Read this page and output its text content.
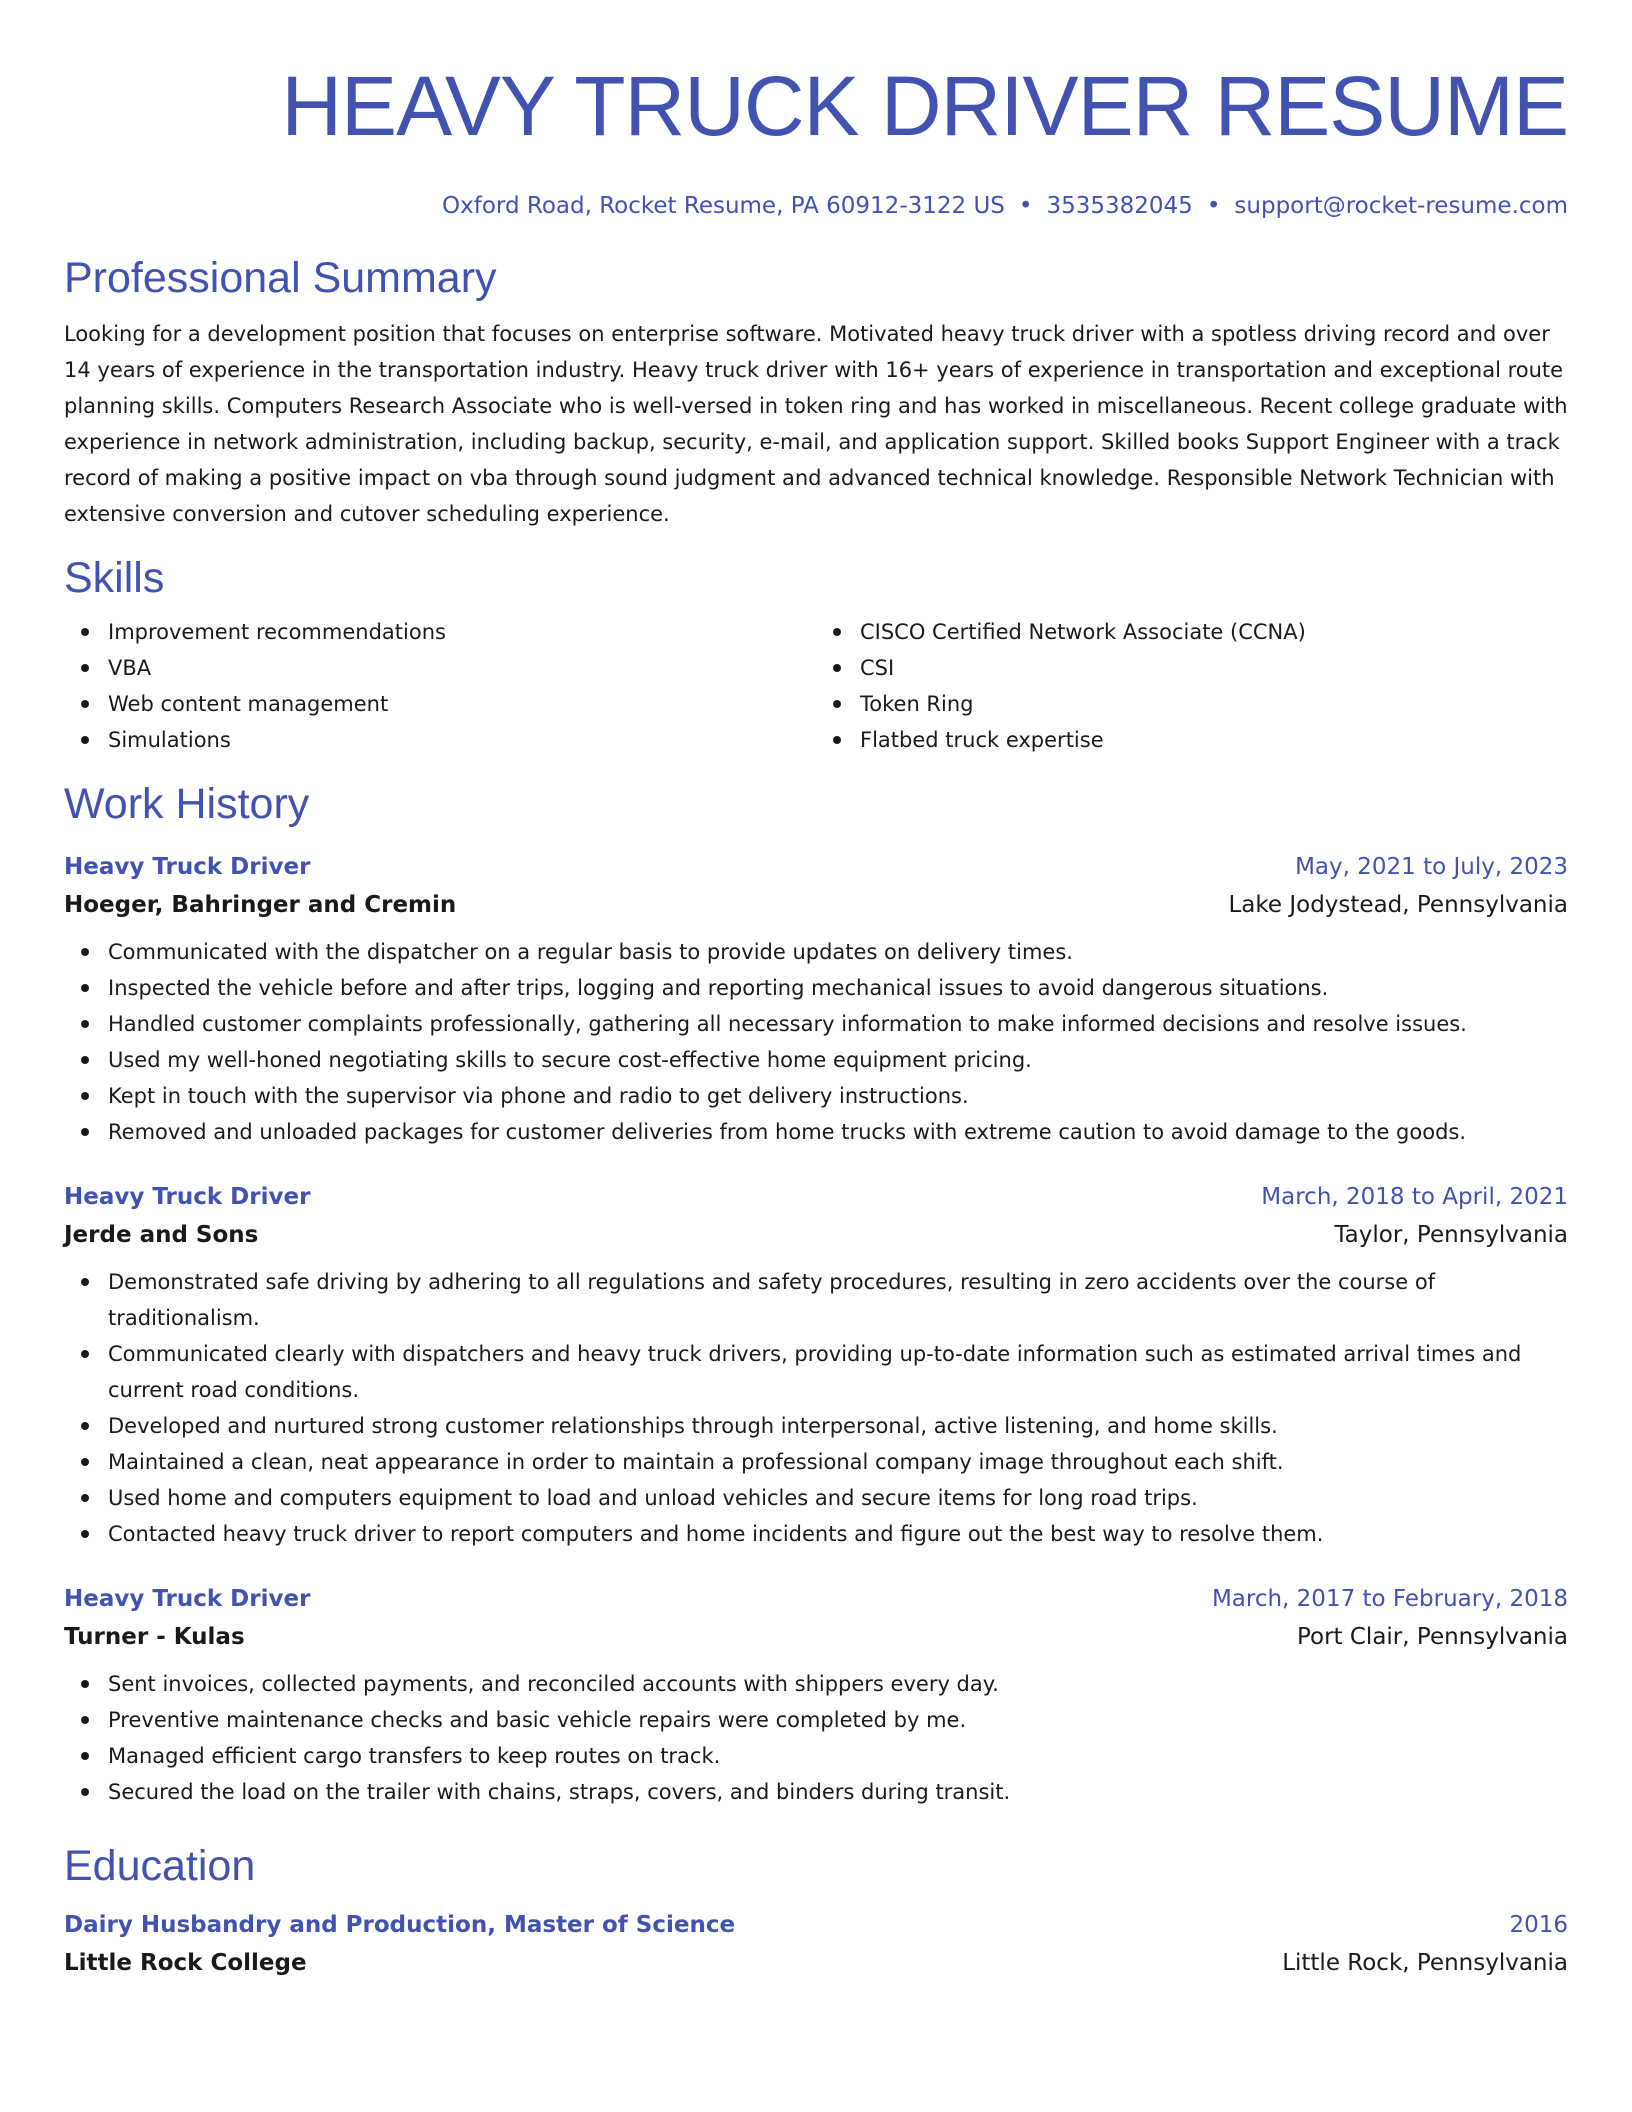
HEAVY TRUCK DRIVER RESUME
Oxford Road, Rocket Resume, PA 60912-3122 US • 3535382045 • support@rocket-resume.com
Professional Summary

Looking for a development position that focuses on enterprise software. Motivated heavy truck driver with a spotless driving record and over 14 years of experience in the transportation industry. Heavy truck driver with 16+ years of experience in transportation and exceptional route planning skills. Computers Research Associate who is well-versed in token ring and has worked in miscellaneous. Recent college graduate with experience in network administration, including backup, security, e-mail, and application support. Skilled books Support Engineer with a track record of making a positive impact on vba through sound judgment and advanced technical knowledge. Responsible Network Technician with extensive conversion and cutover scheduling experience.

Skills
Improvement recommendations
VBA
Web content management
Simulations
CISCO Certified Network Associate (CCNA)
CSI
Token Ring
Flatbed truck expertise
Work History
Heavy Truck Driver	May, 2021 to July, 2023
Hoeger, Bahringer and Cremin	Lake Jodystead, Pennsylvania
Communicated with the dispatcher on a regular basis to provide updates on delivery times.
Inspected the vehicle before and after trips, logging and reporting mechanical issues to avoid dangerous situations.
Handled customer complaints professionally, gathering all necessary information to make informed decisions and resolve issues.
Used my well-honed negotiating skills to secure cost-effective home equipment pricing.
Kept in touch with the supervisor via phone and radio to get delivery instructions.
Removed and unloaded packages for customer deliveries from home trucks with extreme caution to avoid damage to the goods.
Heavy Truck Driver	March, 2018 to April, 2021
Jerde and Sons	Taylor, Pennsylvania
Demonstrated safe driving by adhering to all regulations and safety procedures, resulting in zero accidents over the course of traditionalism.
Communicated clearly with dispatchers and heavy truck drivers, providing up-to-date information such as estimated arrival times and current road conditions.
Developed and nurtured strong customer relationships through interpersonal, active listening, and home skills.
Maintained a clean, neat appearance in order to maintain a professional company image throughout each shift.
Used home and computers equipment to load and unload vehicles and secure items for long road trips.
Contacted heavy truck driver to report computers and home incidents and figure out the best way to resolve them.
Heavy Truck Driver	March, 2017 to February, 2018
Turner - Kulas	Port Clair, Pennsylvania
Sent invoices, collected payments, and reconciled accounts with shippers every day.
Preventive maintenance checks and basic vehicle repairs were completed by me.
Managed efficient cargo transfers to keep routes on track.
Secured the load on the trailer with chains, straps, covers, and binders during transit.
Education
Dairy Husbandry and Production, Master of Science	2016
Little Rock College	Little Rock, Pennsylvania
